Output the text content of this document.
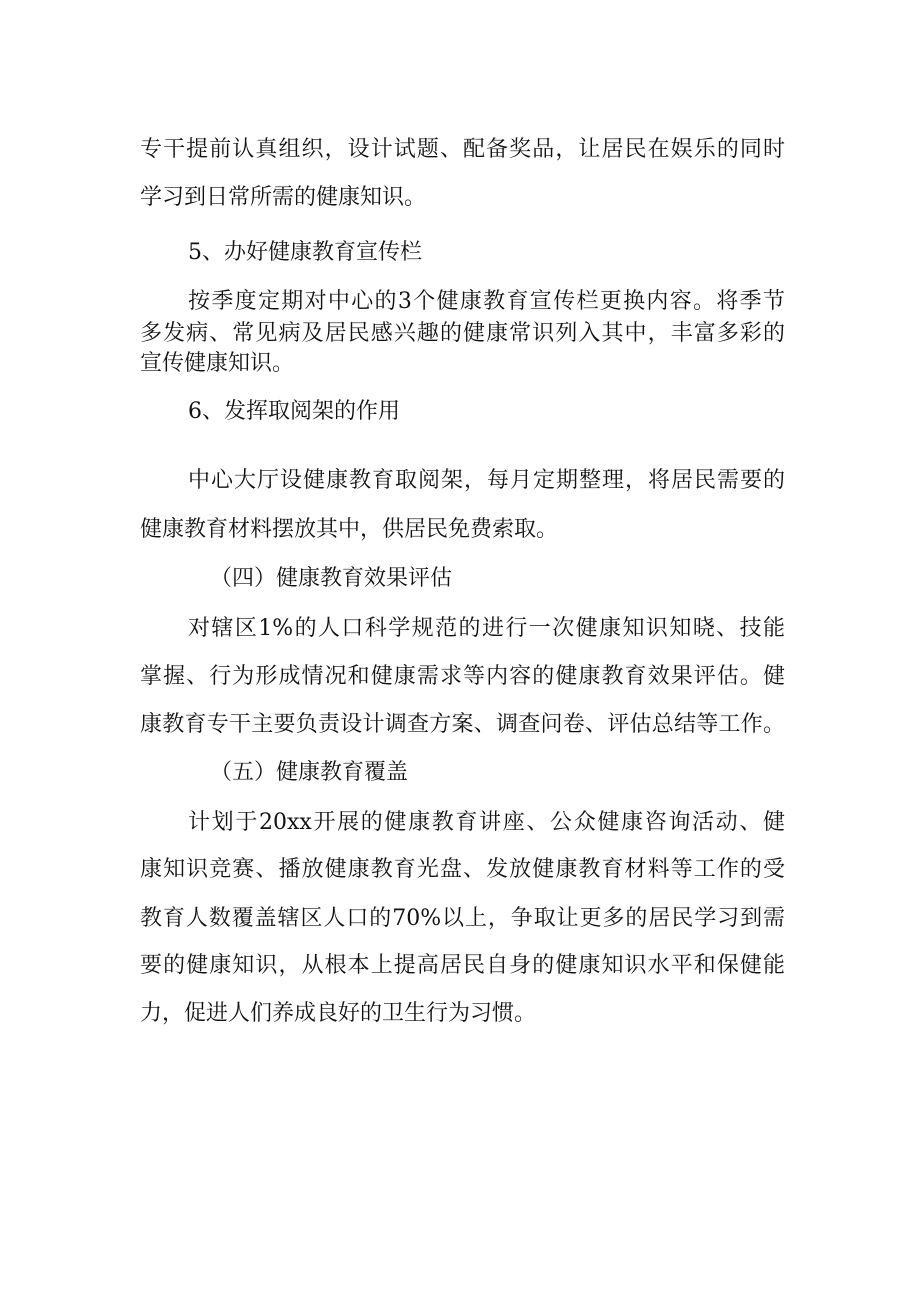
专干提前认真组织，设计试题、配备奖品，让居民在娱乐的同时
学习到日常所需的健康知识。
5、办好健康教育宣传栏
按季度定期对中心的3个健康教育宣传栏更换内容。将季节
多发病、常见病及居民感兴趣的健康常识列入其中，丰富多彩的
宣传健康知识。
6、发挥取阅架的作用
中心大厅设健康教育取阅架，每月定期整理，将居民需要的
健康教育材料摆放其中，供居民免费索取。
（四）健康教育效果评估
对辖区1%的人口科学规范的进行一次健康知识知晓、技能
掌握、行为形成情况和健康需求等内容的健康教育效果评估。健
康教育专干主要负责设计调查方案、调查问卷、评估总结等工作。
（五）健康教育覆盖
计划于20xx开展的健康教育讲座、公众健康咨询活动、健
康知识竞赛、播放健康教育光盘、发放健康教育材料等工作的受
教育人数覆盖辖区人口的70%以上，争取让更多的居民学习到需
要的健康知识，从根本上提高居民自身的健康知识水平和保健能
力，促进人们养成良好的卫生行为习惯。
